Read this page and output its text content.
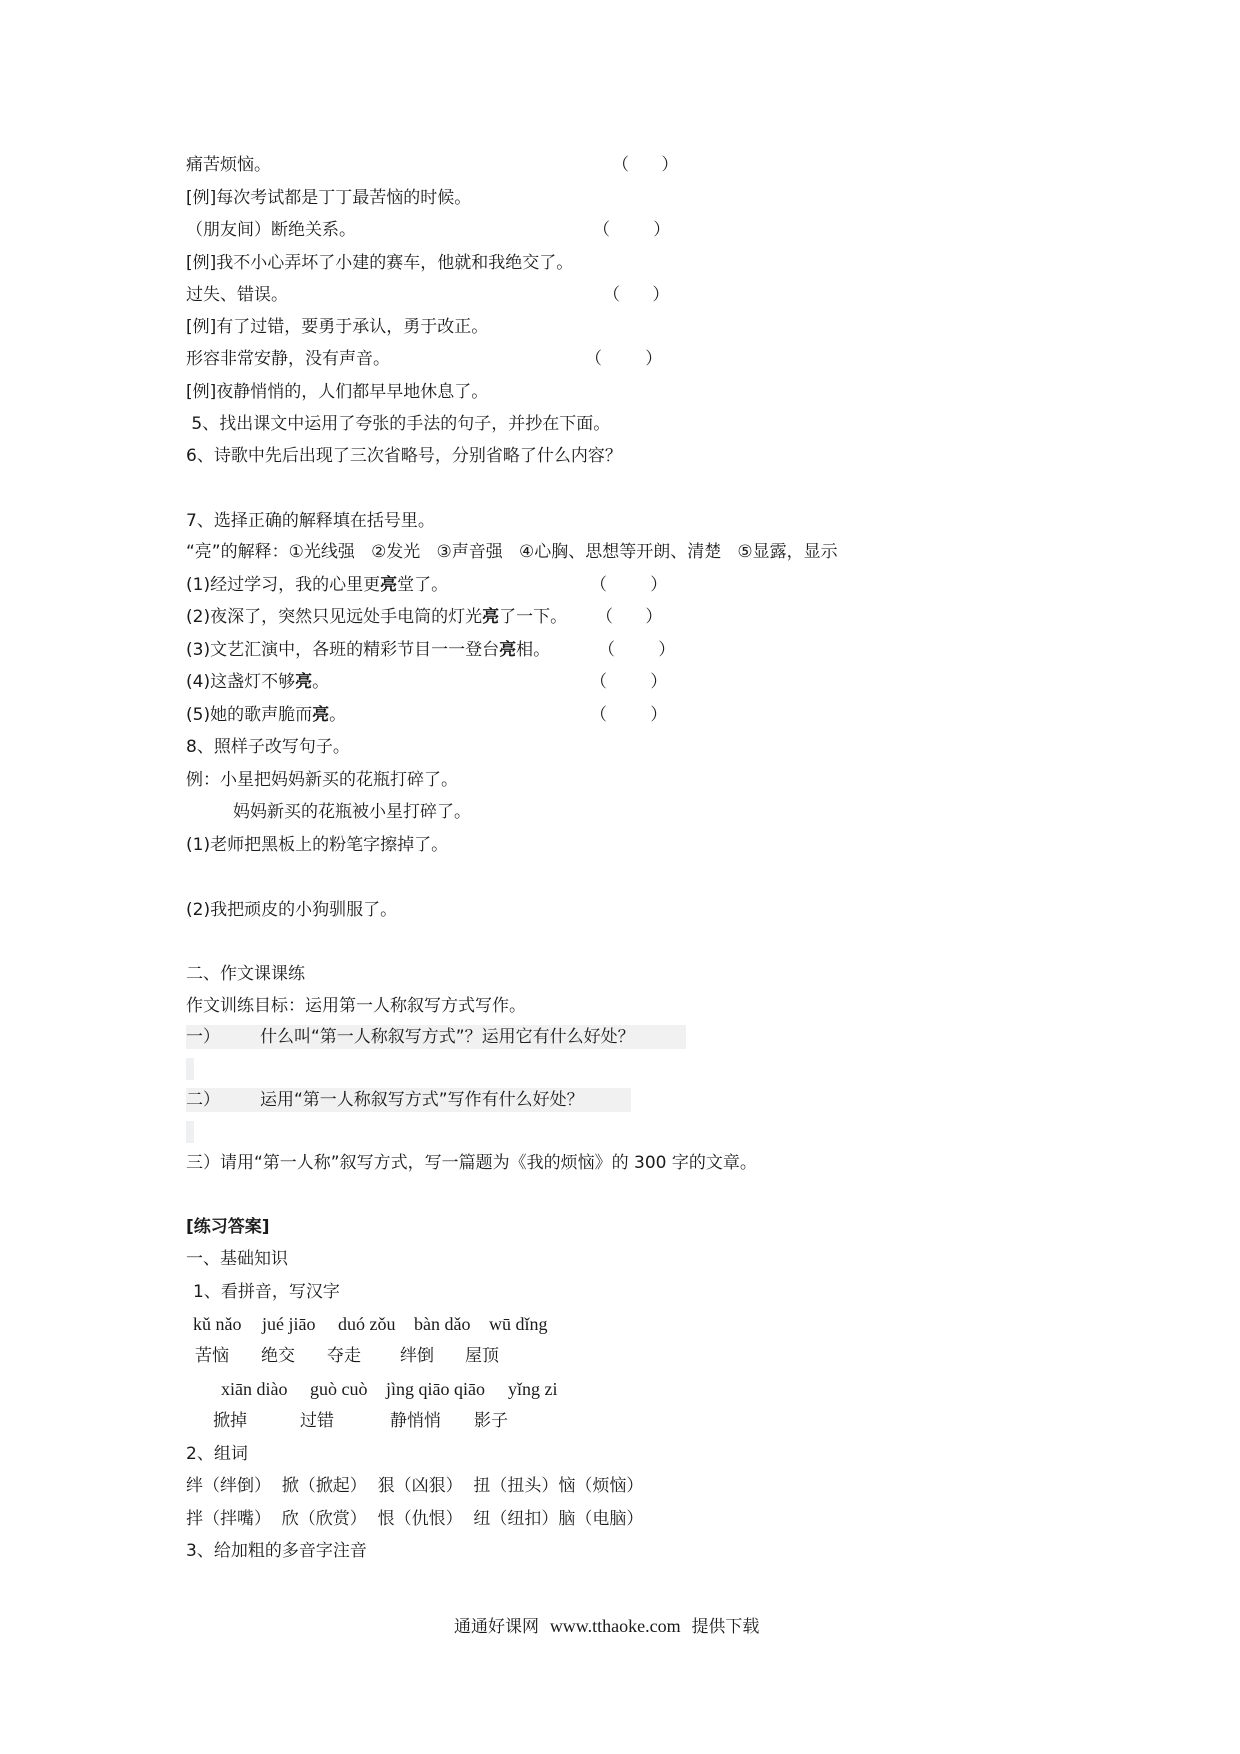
痛苦烦恼。	（      ）
[例]每次考试都是丁丁最苦恼的时候。
（朋友间）断绝关系。	（        ）
[例]我不小心弄坏了小建的赛车，他就和我绝交了。
过失、错误。	（      ）
[例]有了过错，要勇于承认，勇于改正。
形容非常安静，没有声音。	（        ）
[例]夜静悄悄的，人们都早早地休息了。
5、找出课文中运用了夸张的手法的句子，并抄在下面。
6、诗歌中先后出现了三次省略号，分别省略了什么内容？
7、选择正确的解释填在括号里。
“亮”的解释：①光线强   ②发光   ③声音强   ④心胸、思想等开朗、清楚   ⑤显露，显示
(1)经过学习，我的心里更亮堂了。	（        ）
(2)夜深了，突然只见远处手电筒的灯光亮了一下。 （      ）
(3)文艺汇演中，各班的精彩节目一一登台亮相。	（        ）
(4)这盏灯不够亮。	（        ）
(5)她的歌声脆而亮。	（        ）
8、照样子改写句子。
例：小星把妈妈新买的花瓶打碎了。
妈妈新买的花瓶被小星打碎了。
(1)老师把黑板上的粉笔字擦掉了。
(2)我把顽皮的小狗驯服了。
二、作文课课练
作文训练目标：运用第一人称叙写方式写作。
一） 什么叫“第一人称叙写方式”？运用它有什么好处？
二） 运用“第一人称叙写方式”写作有什么好处？
三）请用“第一人称”叙写方式，写一篇题为《我的烦恼》的 300 字的文章。
[练习答案]
一、基础知识
1、看拼音，写汉字
kǔ nǎo jué jiāo duó zǒu bàn dǎo wū dǐng
苦恼 绝交 夺走 绊倒 屋顶
xiān diào guò cuò jìng qiāo qiāo yǐng zi
掀掉	过错	静悄悄 影子
2、组词
绊（绊倒）  掀（掀起）  狠（凶狠）  扭（扭头）恼（烦恼）
拌（拌嘴）  欣（欣赏）  恨（仇恨）  纽（纽扣）脑（电脑）
3、给加粗的多音字注音
通通好课网 www.tthaoke.com 提供下载
